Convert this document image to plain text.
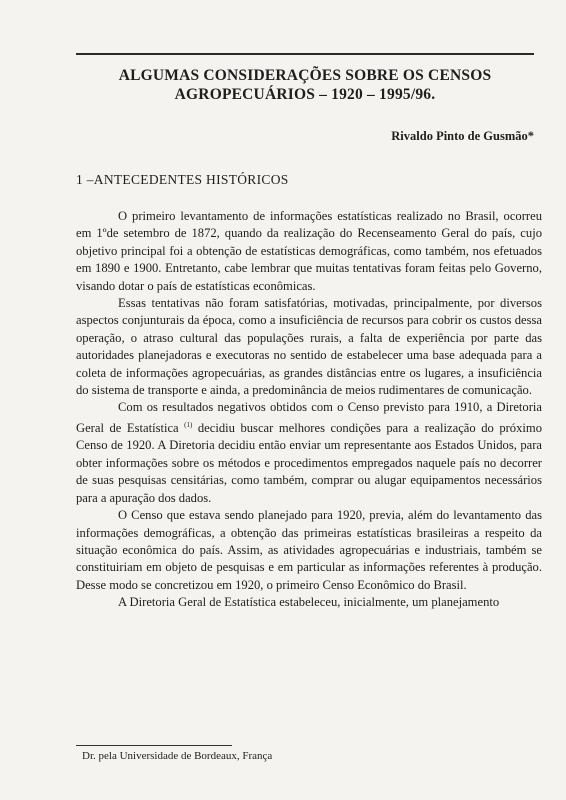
ALGUMAS CONSIDERAÇÕES SOBRE OS CENSOS
AGROPECUÁRIOS – 1920 – 1995/96.
Rivaldo Pinto de Gusmão*
1 –ANTECEDENTES HISTÓRICOS

O primeiro levantamento de informações estatísticas realizado no Brasil, ocorreu em 1ºde setembro de 1872, quando da realização do Recenseamento Geral do país, cujo objetivo principal foi a obtenção de estatísticas demográficas, como também, nos efetuados em 1890 e 1900. Entretanto, cabe lembrar que muitas tentativas foram feitas pelo Governo, visando dotar o país de estatísticas econômicas.

Essas tentativas não foram satisfatórias, motivadas, principalmente, por diversos aspectos conjunturais da época, como a insuficiência de recursos para cobrir os custos dessa operação, o atraso cultural das populações rurais, a falta de experiência por parte das autoridades planejadoras e executoras no sentido de estabelecer uma base adequada para a coleta de informações agropecuárias, as grandes distâncias entre os lugares, a insuficiência do sistema de transporte e ainda, a predominância de meios rudimentares de comunicação.

Com os resultados negativos obtidos com o Censo previsto para 1910, a Diretoria Geral de Estatística $^{(1)}$ decidiu buscar melhores condições para a realização do próximo Censo de 1920. A Diretoria decidiu então enviar um representante aos Estados Unidos, para obter informações sobre os métodos e procedimentos empregados naquele país no decorrer de suas pesquisas censitárias, como também, comprar ou alugar equipamentos necessários para a apuração dos dados.

O Censo que estava sendo planejado para 1920, previa, além do levantamento das informações demográficas, a obtenção das primeiras estatísticas brasileiras a respeito da situação econômica do país. Assim, as atividades agropecuárias e industriais, também se constituiriam em objeto de pesquisas e em particular as informações referentes à produção. Desse modo se concretizou em 1920, o primeiro Censo Econômico do Brasil.

A Diretoria Geral de Estatística estabeleceu, inicialmente, um planejamento

Dr. pela Universidade de Bordeaux, França
